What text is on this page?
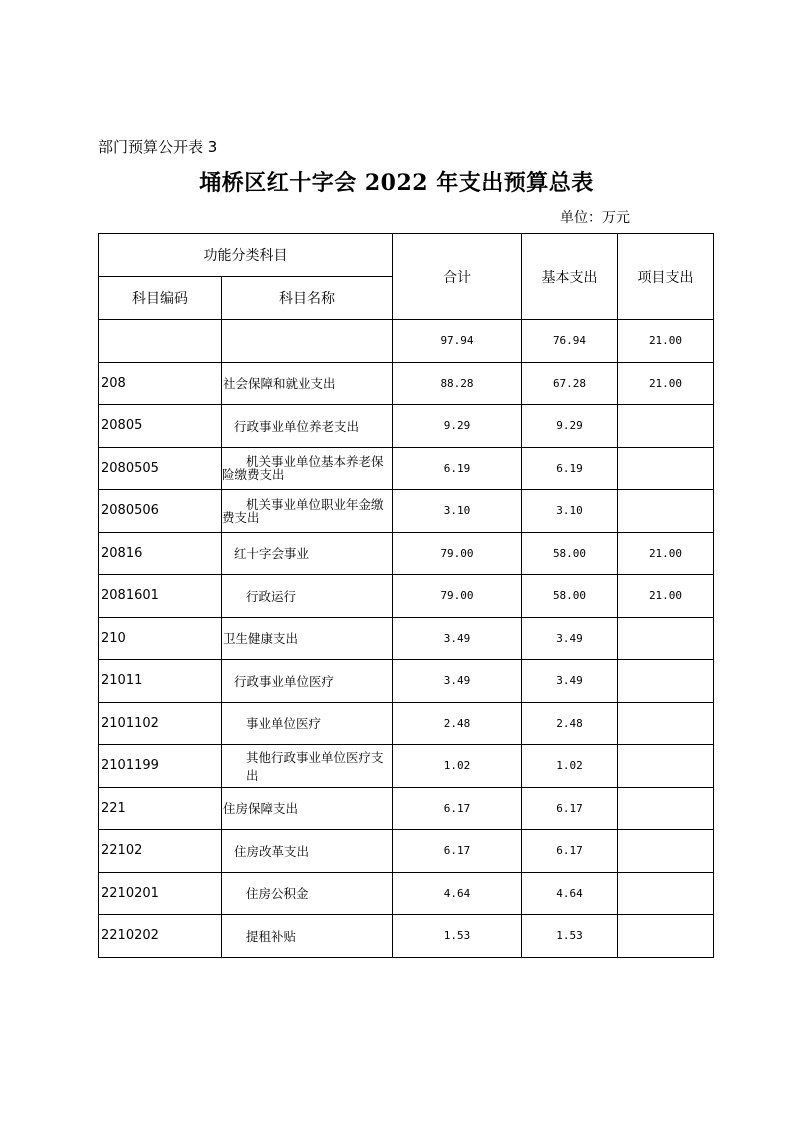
部门预算公开表 3
埇桥区红十字会 2022 年支出预算总表
单位：万元
功能分类科目		合计	基本支出	项目支出
科目编码	科目名称			
		97.94	76.94	21.00
208	社会保障和就业支出	88.28	67.28	21.00
20805	行政事业单位养老支出	9.29	9.29	
2080505	机关事业单位基本养老保险缴费支出	6.19	6.19	
2080506	机关事业单位职业年金缴费支出	3.10	3.10	
20816	红十字会事业	79.00	58.00	21.00
2081601	行政运行	79.00	58.00	21.00
210	卫生健康支出	3.49	3.49	
21011	行政事业单位医疗	3.49	3.49	
2101102	事业单位医疗	2.48	2.48	
2101199	其他行政事业单位医疗支出	1.02	1.02	
221	住房保障支出	6.17	6.17	
22102	住房改革支出	6.17	6.17	
2210201	住房公积金	4.64	4.64	
2210202	提租补贴	1.53	1.53	
